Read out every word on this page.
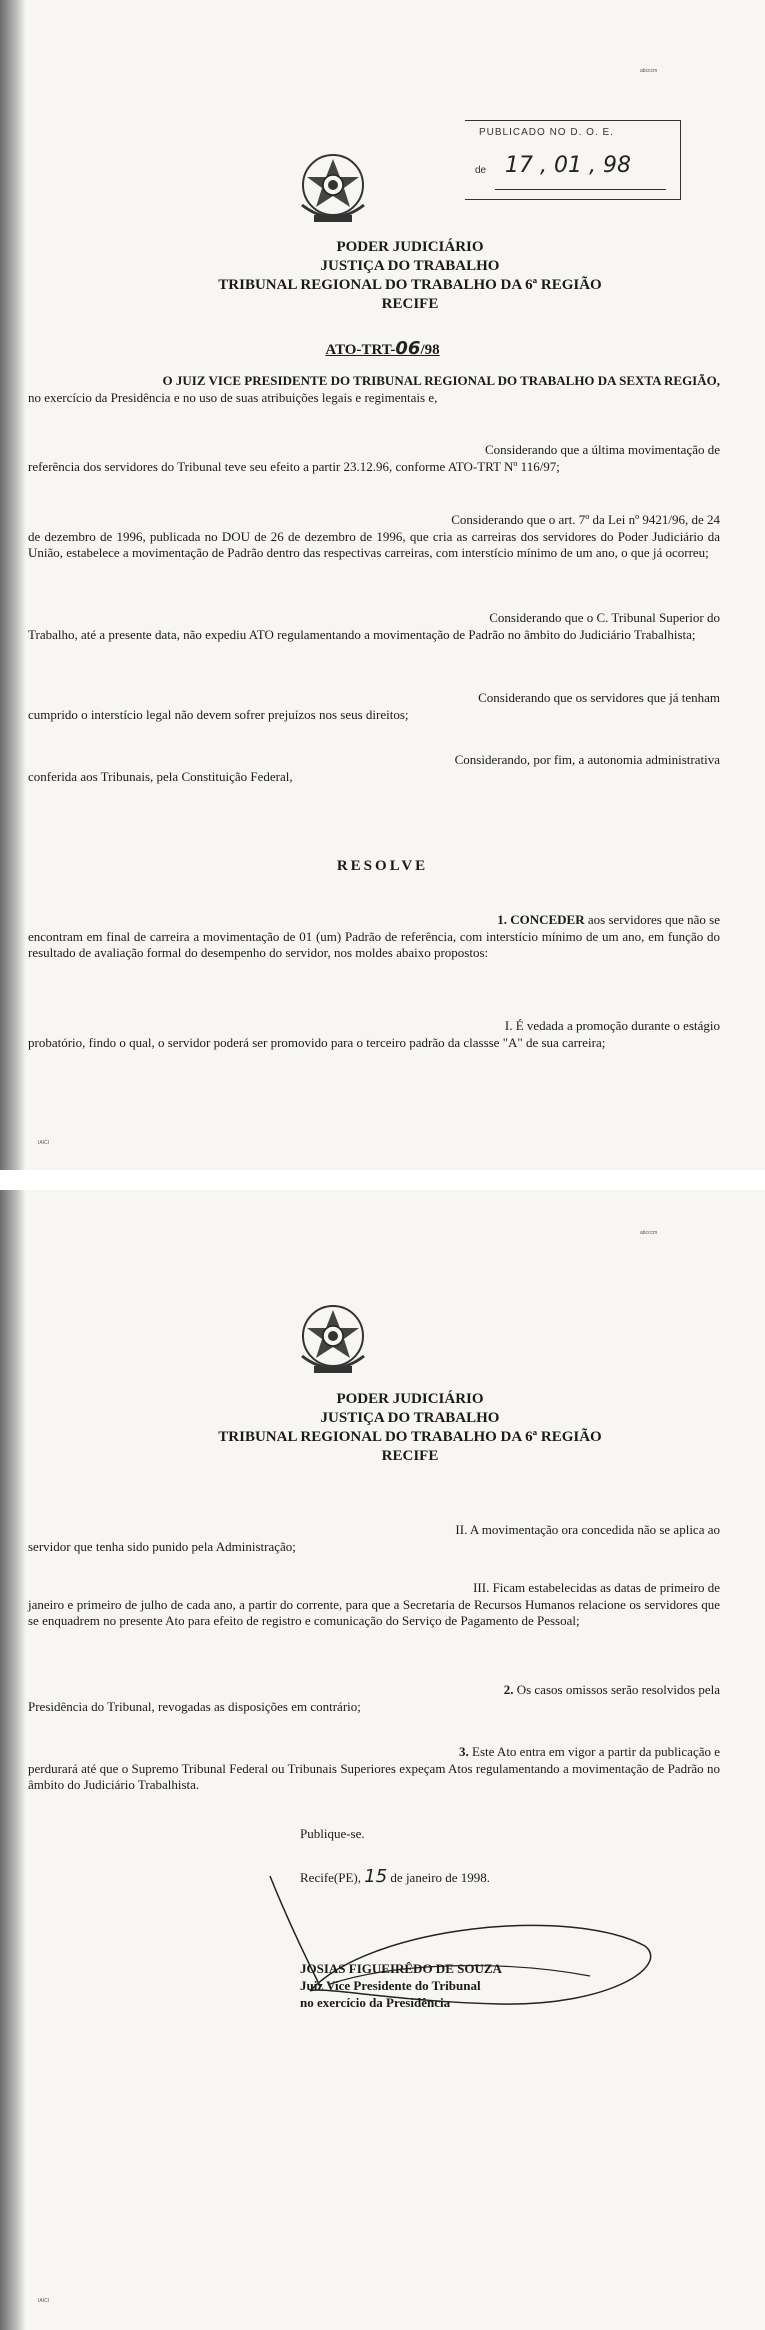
abcccm
PUBLICADO NO D. O. E.
de 17 , 01 , 98
PODER JUDICIÁRIO
JUSTIÇA DO TRABALHO
TRIBUNAL REGIONAL DO TRABALHO DA 6ª REGIÃO
RECIFE
ATO-TRT-06/98
O JUIZ VICE PRESIDENTE DO TRIBUNAL REGIONAL DO TRABALHO DA SEXTA REGIÃO,
no exercício da Presidência e no uso de suas atribuições legais e regimentais e,
Considerando que a última movimentação de
referência dos servidores do Tribunal teve seu efeito a partir 23.12.96, conforme ATO-TRT Nº 116/97;
Considerando que o art. 7º da Lei nº 9421/96, de 24
de dezembro de 1996, publicada no DOU de 26 de dezembro de 1996, que cria as carreiras dos servidores do Poder Judiciário da União, estabelece a movimentação de Padrão dentro das respectivas carreiras, com interstício mínimo de um ano, o que já ocorreu;
Considerando que o C. Tribunal Superior do
Trabalho, até a presente data, não expediu ATO regulamentando a movimentação de Padrão no âmbito do Judiciário Trabalhista;
Considerando que os servidores que já tenham
cumprido o interstício legal não devem sofrer prejuízos nos seus direitos;
Considerando, por fim, a autonomia administrativa
conferida aos Tribunais, pela Constituição Federal,
RESOLVE
1. CONCEDER aos servidores que não se
encontram em final de carreira a movimentação de 01 (um) Padrão de referência, com interstício mínimo de um ano, em função do resultado de avaliação formal do desempenho do servidor, nos moldes abaixo propostos:
I. É vedada a promoção durante o estágio
probatório, findo o qual, o servidor poderá ser promovido para o terceiro padrão da classse "A" de sua carreira;
IAICI
abcccm
PODER JUDICIÁRIO
JUSTIÇA DO TRABALHO
TRIBUNAL REGIONAL DO TRABALHO DA 6ª REGIÃO
RECIFE
II. A movimentação ora concedida não se aplica ao
servidor que tenha sido punido pela Administração;
III. Ficam estabelecidas as datas de primeiro de
janeiro e primeiro de julho de cada ano, a partir do corrente, para que a Secretaria de Recursos Humanos relacione os servidores que se enquadrem no presente Ato para efeito de registro e comunicação do Serviço de Pagamento de Pessoal;
2. Os casos omissos serão resolvidos pela
Presidência do Tribunal, revogadas as disposições em contrário;
3. Este Ato entra em vigor a partir da publicação e
perdurará até que o Supremo Tribunal Federal ou Tribunais Superiores expeçam Atos regulamentando a movimentação de Padrão no âmbito do Judiciário Trabalhista.
Publique-se.
Recife(PE), 15 de janeiro de 1998.
JOSIAS FIGUEIRÊDO DE SOUZA
Juiz Vice Presidente do Tribunal
no exercício da Presidência
IAICI
